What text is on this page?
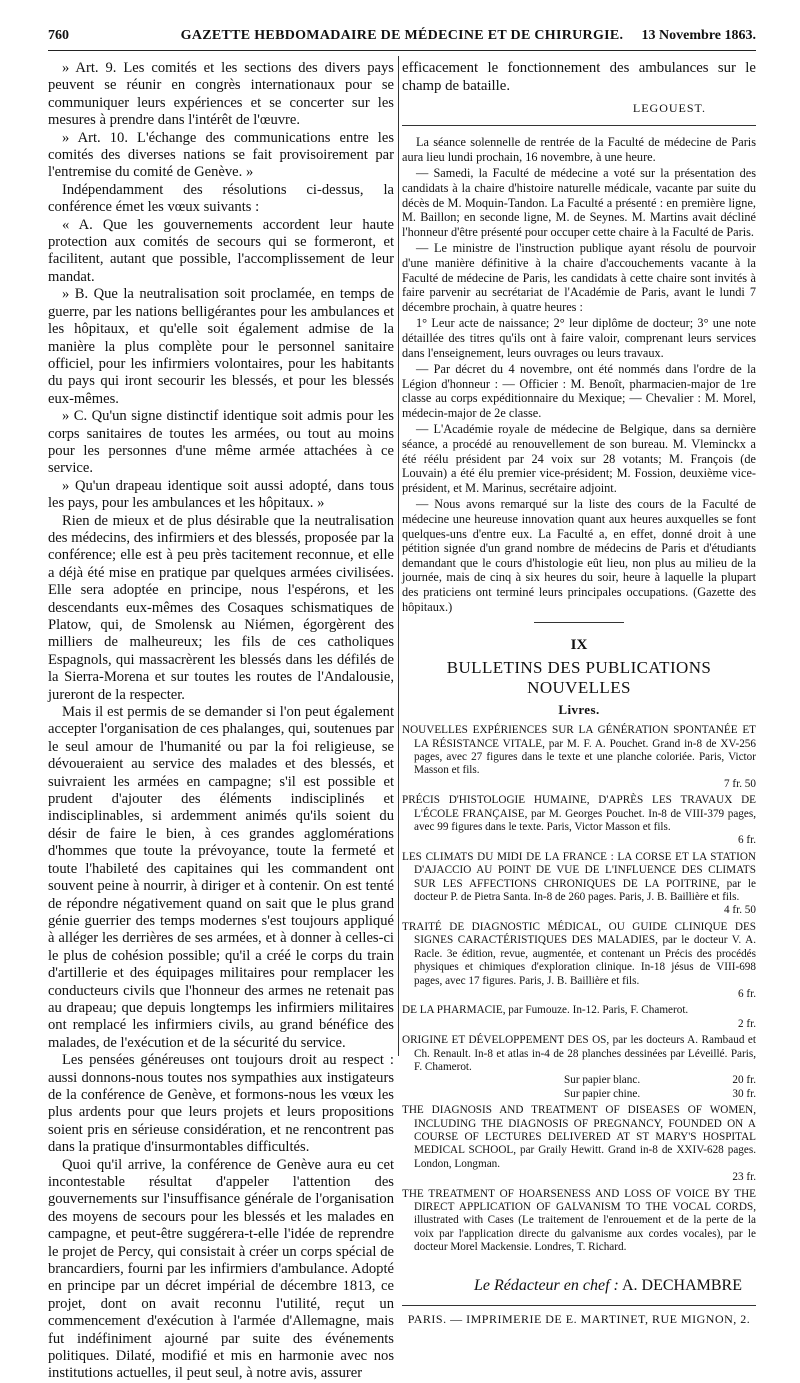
760	GAZETTE HEBDOMADAIRE DE MÉDECINE ET DE CHIRURGIE.	13 Novembre 1863.

» Art. 9. Les comités et les sections des divers pays peuvent se réunir en congrès internationaux pour se communiquer leurs expériences et se concerter sur les mesures à prendre dans l'intérêt de l'œuvre.

» Art. 10. L'échange des communications entre les comités des diverses nations se fait provisoirement par l'entremise du comité de Genève. »

Indépendamment des résolutions ci-dessus, la conférence émet les vœux suivants :

« A. Que les gouvernements accordent leur haute protection aux comités de secours qui se formeront, et facilitent, autant que possible, l'accomplissement de leur mandat.

» B. Que la neutralisation soit proclamée, en temps de guerre, par les nations belligérantes pour les ambulances et les hôpitaux, et qu'elle soit également admise de la manière la plus complète pour le personnel sanitaire officiel, pour les infirmiers volontaires, pour les habitants du pays qui iront secourir les blessés, et pour les blessés eux-mêmes.

» C. Qu'un signe distinctif identique soit admis pour les corps sanitaires de toutes les armées, ou tout au moins pour les personnes d'une même armée attachées à ce service.

» Qu'un drapeau identique soit aussi adopté, dans tous les pays, pour les ambulances et les hôpitaux. »

Rien de mieux et de plus désirable que la neutralisation des médecins, des infirmiers et des blessés, proposée par la conférence; elle est à peu près tacitement reconnue, et elle a déjà été mise en pratique par quelques armées civilisées. Elle sera adoptée en principe, nous l'espérons, et les descendants eux-mêmes des Cosaques schismatiques de Platow, qui, de Smolensk au Niémen, égorgèrent des milliers de malheureux; les fils de ces catholiques Espagnols, qui massacrèrent les blessés dans les défilés de la Sierra-Morena et sur toutes les routes de l'Andalousie, jureront de la respecter.

Mais il est permis de se demander si l'on peut également accepter l'organisation de ces phalanges, qui, soutenues par le seul amour de l'humanité ou par la foi religieuse, se dévoueraient au service des malades et des blessés, et suivraient les armées en campagne; s'il est possible et prudent d'ajouter des éléments indisciplinés et indisciplinables, si ardemment animés qu'ils soient du désir de faire le bien, à ces grandes agglomérations d'hommes que toute la prévoyance, toute la fermeté et toute l'habileté des capitaines qui les commandent ont souvent peine à nourrir, à diriger et à contenir. On est tenté de répondre négativement quand on sait que le plus grand génie guerrier des temps modernes s'est toujours appliqué à alléger les derrières de ses armées, et à donner à celles-ci le plus de cohésion possible; qu'il a créé le corps du train d'artillerie et des équipages militaires pour remplacer les conducteurs civils que l'honneur des armes ne retenait pas au drapeau; que depuis longtemps les infirmiers militaires ont remplacé les infirmiers civils, au grand bénéfice des malades, de l'exécution et de la sécurité du service.

Les pensées généreuses ont toujours droit au respect : aussi donnons-nous toutes nos sympathies aux instigateurs de la conférence de Genève, et formons-nous les vœux les plus ardents pour que leurs projets et leurs propositions soient pris en sérieuse considération, et ne rencontrent pas dans la pratique d'insurmontables difficultés.

Quoi qu'il arrive, la conférence de Genève aura eu cet incontestable résultat d'appeler l'attention des gouvernements sur l'insuffisance générale de l'organisation des moyens de secours pour les blessés et les malades en campagne, et peut-être suggérera-t-elle l'idée de reprendre le projet de Percy, qui consistait à créer un corps spécial de brancardiers, fourni par les infirmiers d'ambulance. Adopté en principe par un décret impérial de décembre 1813, ce projet, dont on avait reconnu l'utilité, reçut un commencement d'exécution à l'armée d'Allemagne, mais fut indéfiniment ajourné par suite des événements politiques. Dilaté, modifié et mis en harmonie avec nos institutions actuelles, il peut seul, à notre avis, assurer

efficacement le fonctionnement des ambulances sur le champ de bataille.

LEGOUEST.

La séance solennelle de rentrée de la Faculté de médecine de Paris aura lieu lundi prochain, 16 novembre, à une heure.

— Samedi, la Faculté de médecine a voté sur la présentation des candidats à la chaire d'histoire naturelle médicale, vacante par suite du décès de M. Moquin-Tandon. La Faculté a présenté : en première ligne, M. Baillon; en seconde ligne, M. de Seynes. M. Martins avait décliné l'honneur d'être présenté pour occuper cette chaire à la Faculté de Paris.

— Le ministre de l'instruction publique ayant résolu de pourvoir d'une manière définitive à la chaire d'accouchements vacante à la Faculté de médecine de Paris, les candidats à cette chaire sont invités à faire parvenir au secrétariat de l'Académie de Paris, avant le lundi 7 décembre prochain, à quatre heures :

1° Leur acte de naissance; 2° leur diplôme de docteur; 3° une note détaillée des titres qu'ils ont à faire valoir, comprenant leurs services dans l'enseignement, leurs ouvrages ou leurs travaux.

— Par décret du 4 novembre, ont été nommés dans l'ordre de la Légion d'honneur : — Officier : M. Benoît, pharmacien-major de 1re classe au corps expéditionnaire du Mexique; — Chevalier : M. Morel, médecin-major de 2e classe.

— L'Académie royale de médecine de Belgique, dans sa dernière séance, a procédé au renouvellement de son bureau. M. Vleminckx a été réélu président par 24 voix sur 28 votants; M. François (de Louvain) a été élu premier vice-président; M. Fossion, deuxième vice-président, et M. Marinus, secrétaire adjoint.

— Nous avons remarqué sur la liste des cours de la Faculté de médecine une heureuse innovation quant aux heures auxquelles se font quelques-uns d'entre eux. La Faculté a, en effet, donné droit à une pétition signée d'un grand nombre de médecins de Paris et d'étudiants demandant que le cours d'histologie eût lieu, non plus au milieu de la journée, mais de cinq à six heures du soir, heure à laquelle la plupart des praticiens ont terminé leurs principales occupations. (Gazette des hôpitaux.)

IX
BULLETINS DES PUBLICATIONS NOUVELLES
Livres.

NOUVELLES EXPÉRIENCES SUR LA GÉNÉRATION SPONTANÉE ET LA RÉSISTANCE VITALE, par M. F. A. Pouchet. Grand in-8 de XV-256 pages, avec 27 figures dans le texte et une planche coloriée. Paris, Victor Masson et fils.

7 fr. 50

PRÉCIS D'HISTOLOGIE HUMAINE, D'APRÈS LES TRAVAUX DE L'ÉCOLE FRANÇAISE, par M. Georges Pouchet. In-8 de VIII-379 pages, avec 99 figures dans le texte. Paris, Victor Masson et fils.

6 fr.

LES CLIMATS DU MIDI DE LA FRANCE : LA CORSE ET LA STATION D'AJACCIO AU POINT DE VUE DE L'INFLUENCE DES CLIMATS SUR LES AFFECTIONS CHRONIQUES DE LA POITRINE, par le docteur P. de Pietra Santa. In-8 de 260 pages. Paris, J. B. Baillière et fils.

4 fr. 50

TRAITÉ DE DIAGNOSTIC MÉDICAL, OU GUIDE CLINIQUE DES SIGNES CARACTÉRISTIQUES DES MALADIES, par le docteur V. A. Racle. 3e édition, revue, augmentée, et contenant un Précis des procédés physiques et chimiques d'exploration clinique. In-18 jésus de VIII-698 pages, avec 17 figures. Paris, J. B. Baillière et fils.

6 fr.

DE LA PHARMACIE, par Fumouze. In-12. Paris, F. Chamerot.

2 fr.

ORIGINE ET DÉVELOPPEMENT DES OS, par les docteurs A. Rambaud et Ch. Renault. In-8 et atlas in-4 de 28 planches dessinées par Léveillé. Paris, F. Chamerot.

Sur papier blanc.	20 fr.
Sur papier chine.	30 fr.

THE DIAGNOSIS AND TREATMENT OF DISEASES OF WOMEN, INCLUDING THE DIAGNOSIS OF PREGNANCY, FOUNDED ON A COURSE OF LECTURES DELIVERED AT ST MARY'S HOSPITAL MEDICAL SCHOOL, par Graily Hewitt. Grand in-8 de XXIV-628 pages. London, Longman.

23 fr.

THE TREATMENT OF HOARSENESS AND LOSS OF VOICE BY THE DIRECT APPLICATION OF GALVANISM TO THE VOCAL CORDS, illustrated with Cases (Le traitement de l'enrouement et de la perte de la voix par l'application directe du galvanisme aux cordes vocales), par le docteur Morel Mackensie. Londres, T. Richard.

Le Rédacteur en chef : A. DECHAMBRE
PARIS. — IMPRIMERIE DE E. MARTINET, RUE MIGNON, 2.
